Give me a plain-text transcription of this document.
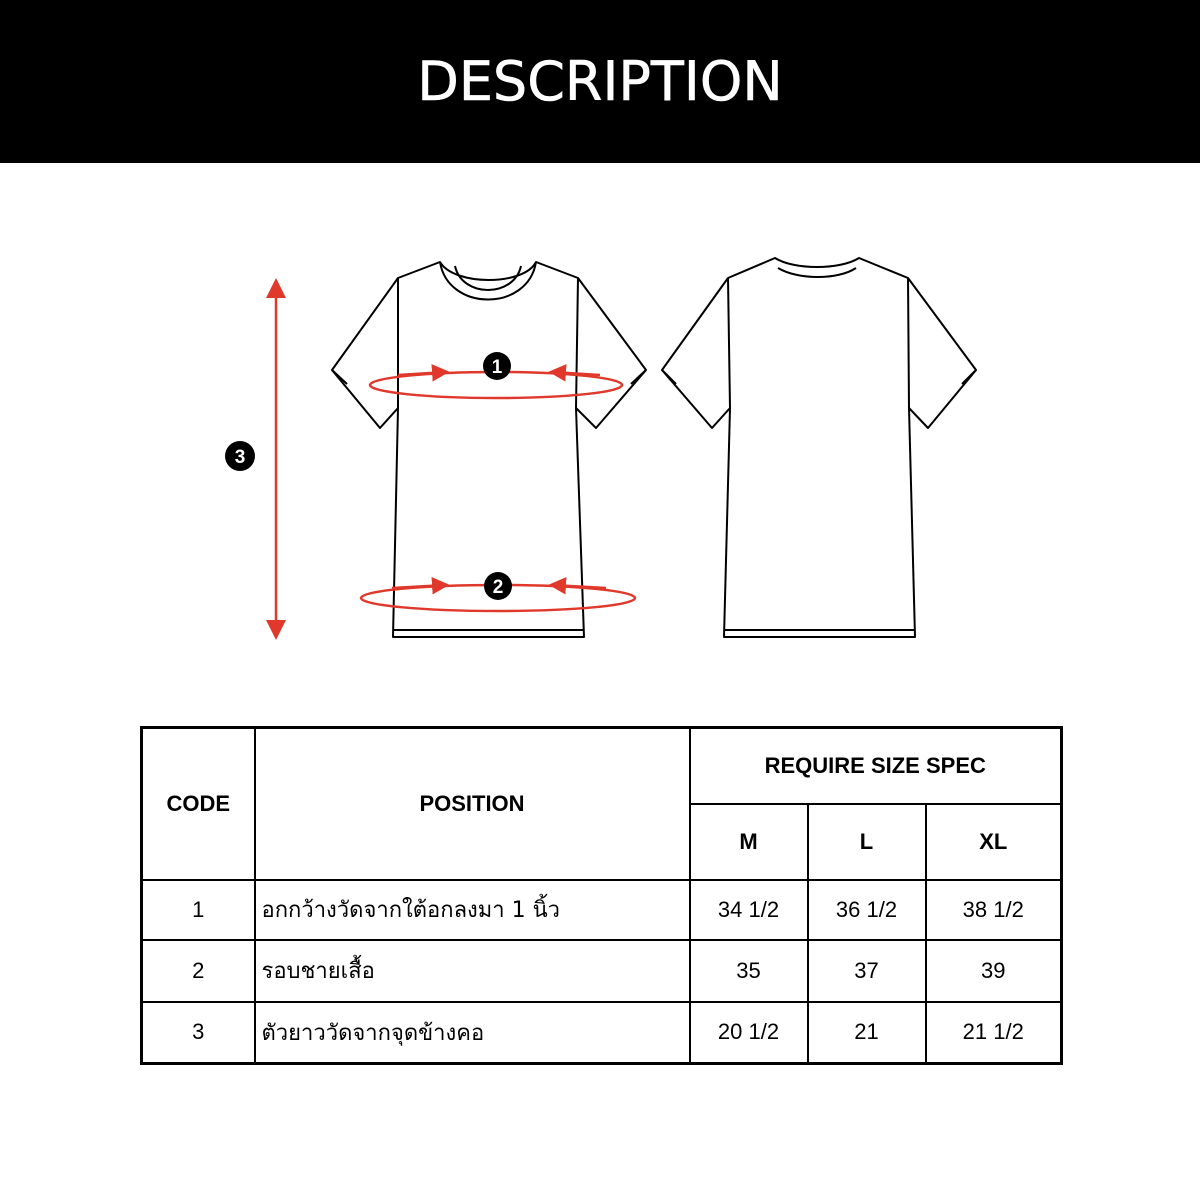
DESCRIPTION
1
2
3
CODE	POSITION	REQUIRE SIZE SPEC		
		M	L	XL
1	อกกว้างวัดจากใต้อกลงมา 1 นิ้ว	34 1/2	36 1/2	38 1/2
2	รอบชายเสื้อ	35	37	39
3	ตัวยาววัดจากจุดข้างคอ	20 1/2	21	21 1/2
